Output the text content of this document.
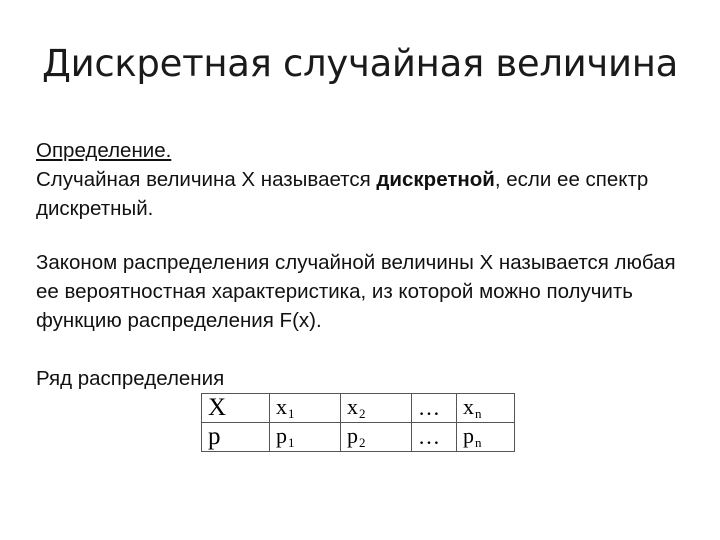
Дискретная случайная величина
Определение.
Случайная величина X называется дискретной, если ее спектр дискретный.
Законом распределения случайной величины X называется любая ее вероятностная характеристика, из которой можно получить функцию распределения F(x).
Ряд распределения
X	$x_1$	$x_2$	…	$x_n$
p	$p_1$	$p_2$	…	$p_n$
